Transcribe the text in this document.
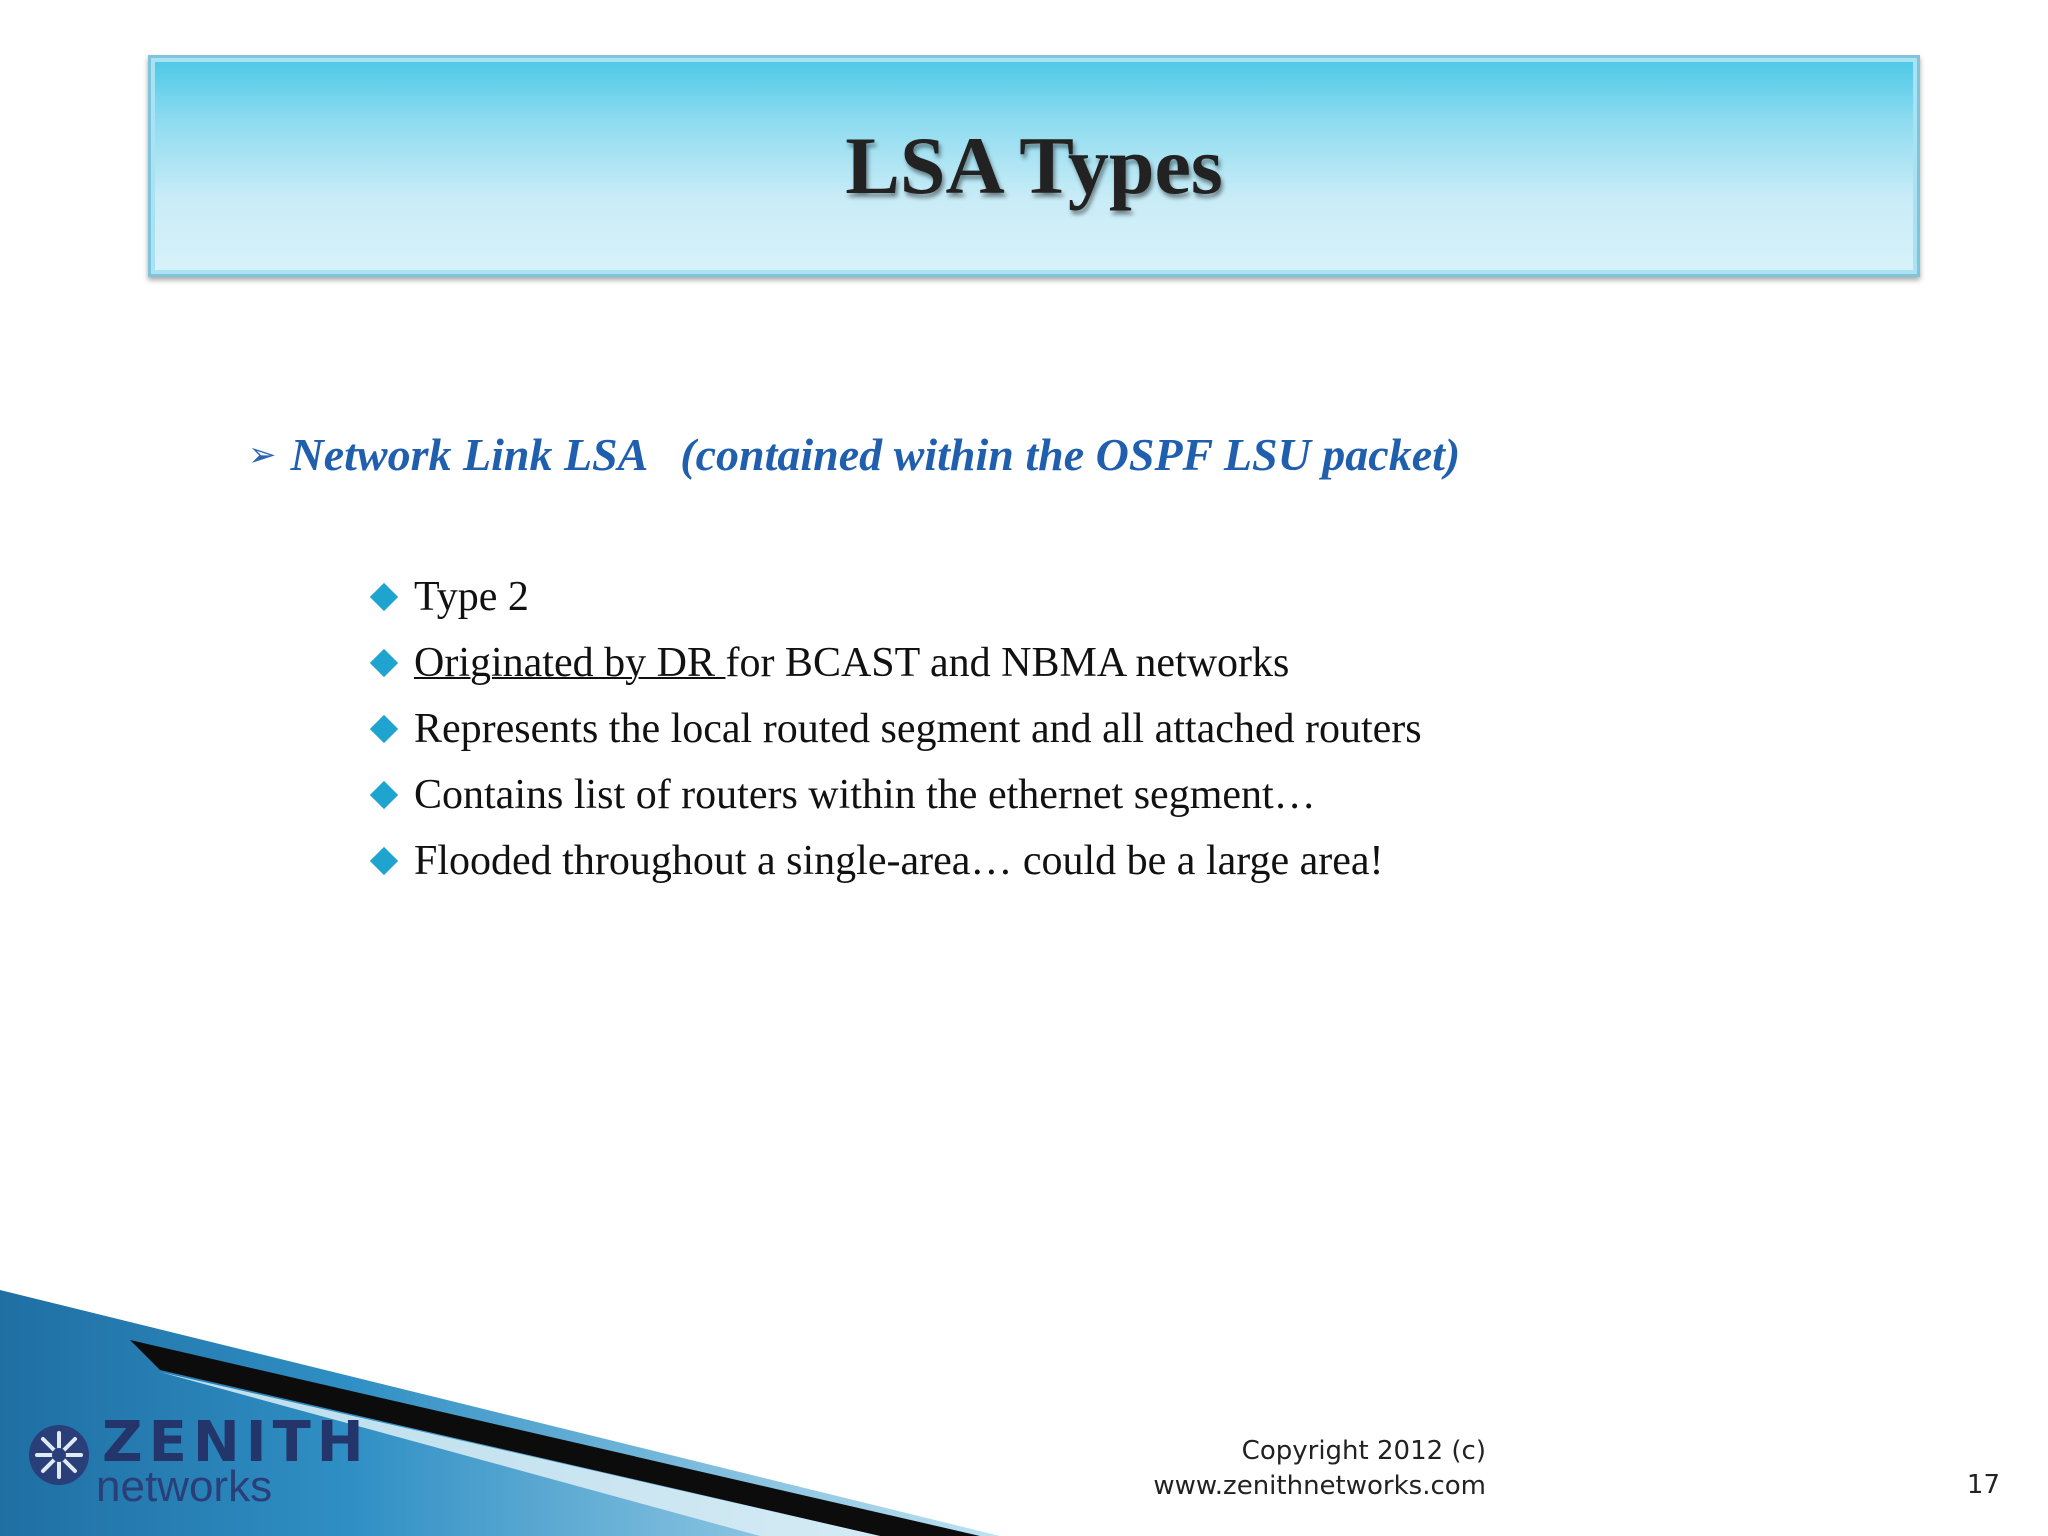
LSA Types
➢ Network Link LSA   (contained within the OSPF LSU packet)
Type 2
Originated by DR for BCAST and NBMA networks
Represents the local routed segment and all attached routers
Contains list of routers within the ethernet segment…
Flooded throughout a single-area… could be a large area!
ZENITH
networks
Copyright 2012 (c)
www.zenithnetworks.com	17
